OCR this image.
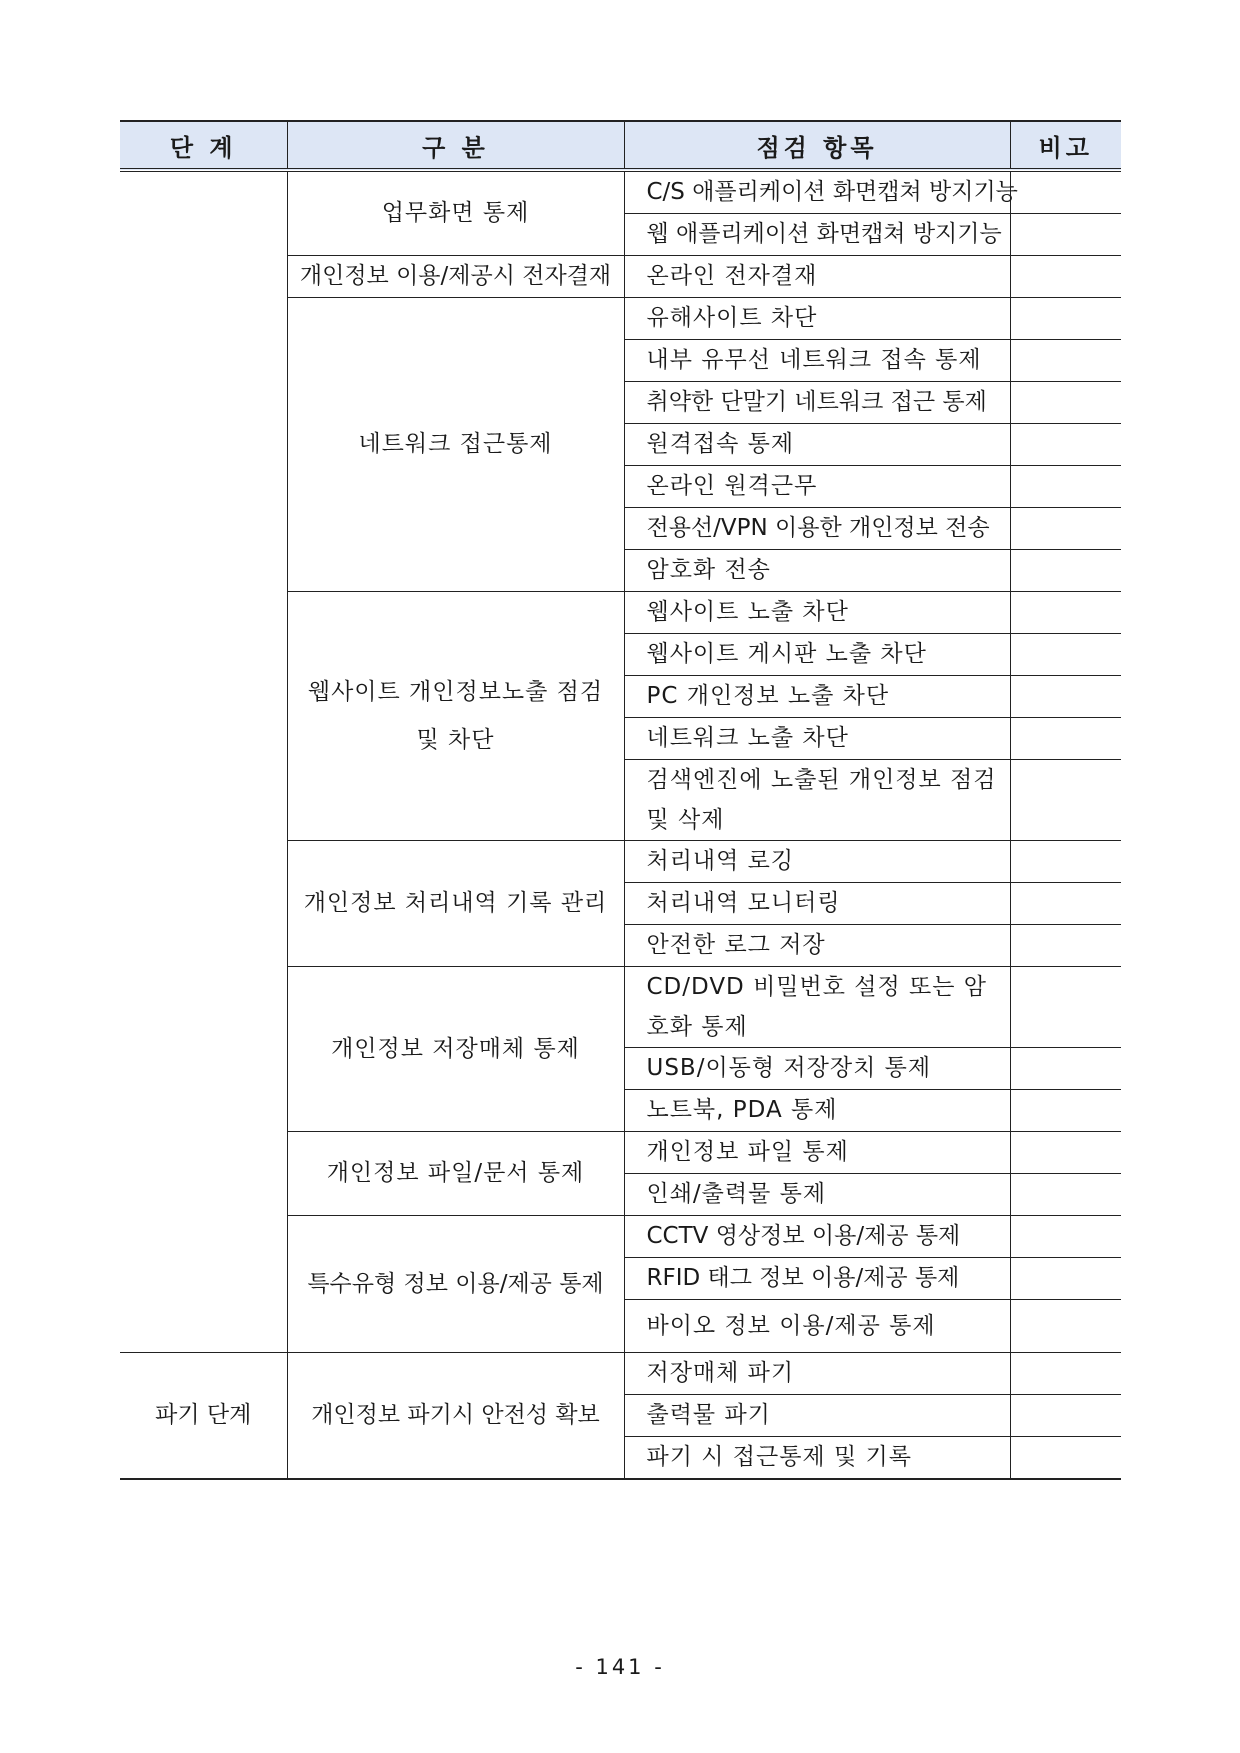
단 계	구 분	점검 항목	비고
	업무화면 통제	C/S 애플리케이션 화면캡쳐 방지기능	
		웹 애플리케이션 화면캡쳐 방지기능	
	개인정보 이용/제공시 전자결재	온라인 전자결재	
	네트워크 접근통제	유해사이트 차단	
		내부 유무선 네트워크 접속 통제	
		취약한 단말기 네트워크 접근 통제	
		원격접속 통제	
		온라인 원격근무	
		전용선/VPN 이용한 개인정보 전송	
		암호화 전송	
	웹사이트 개인정보노출 점검 및 차단	웹사이트 노출 차단	
		웹사이트 게시판 노출 차단	
		PC 개인정보 노출 차단	
		네트워크 노출 차단	
		검색엔진에 노출된 개인정보 점검 및 삭제	
	개인정보 처리내역 기록 관리	처리내역 로깅	
		처리내역 모니터링	
		안전한 로그 저장	
	개인정보 저장매체 통제	CD/DVD 비밀번호 설정 또는 암호화 통제	
		USB/이동형 저장장치 통제	
		노트북, PDA 통제	
	개인정보 파일/문서 통제	개인정보 파일 통제	
		인쇄/출력물 통제	
	특수유형 정보 이용/제공 통제	CCTV 영상정보 이용/제공 통제	
		RFID 태그 정보 이용/제공 통제	
		바이오 정보 이용/제공 통제	
파기 단계	개인정보 파기시 안전성 확보	저장매체 파기	
		출력물 파기	
		파기 시 접근통제 및 기록	
- 141 -
